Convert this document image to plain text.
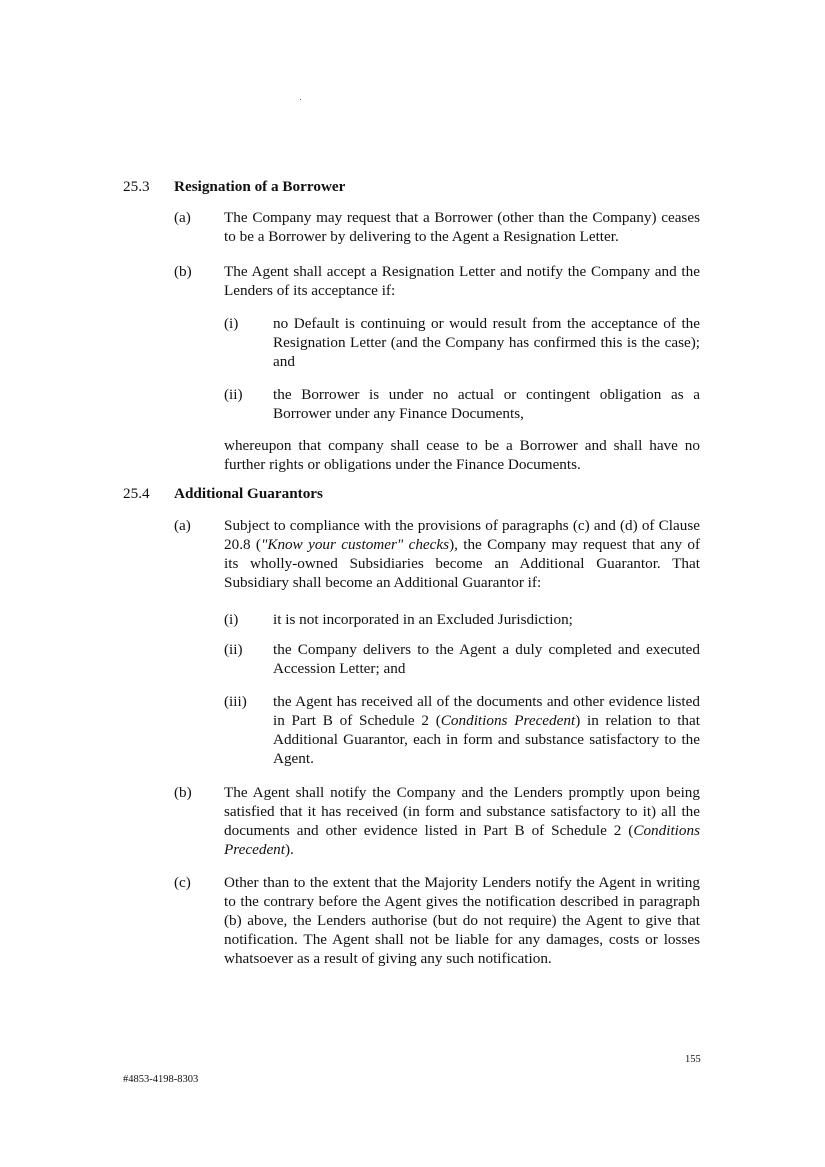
25.3	Resignation of a Borrower
(a) The Company may request that a Borrower (other than the Company) ceases to be a Borrower by delivering to the Agent a Resignation Letter.
(b) The Agent shall accept a Resignation Letter and notify the Company and the Lenders of its acceptance if:
(i) no Default is continuing or would result from the acceptance of the Resignation Letter (and the Company has confirmed this is the case); and
(ii) the Borrower is under no actual or contingent obligation as a Borrower under any Finance Documents,
whereupon that company shall cease to be a Borrower and shall have no further rights or obligations under the Finance Documents.
25.4	Additional Guarantors
(a) Subject to compliance with the provisions of paragraphs (c) and (d) of Clause 20.8 ("Know your customer" checks), the Company may request that any of its wholly-owned Subsidiaries become an Additional Guarantor. That Subsidiary shall become an Additional Guarantor if:
(i) it is not incorporated in an Excluded Jurisdiction;
(ii) the Company delivers to the Agent a duly completed and executed Accession Letter; and
(iii) the Agent has received all of the documents and other evidence listed in Part B of Schedule 2 (Conditions Precedent) in relation to that Additional Guarantor, each in form and substance satisfactory to the Agent.
(b) The Agent shall notify the Company and the Lenders promptly upon being satisfied that it has received (in form and substance satisfactory to it) all the documents and other evidence listed in Part B of Schedule 2 (Conditions Precedent).
(c) Other than to the extent that the Majority Lenders notify the Agent in writing to the contrary before the Agent gives the notification described in paragraph (b) above, the Lenders authorise (but do not require) the Agent to give that notification. The Agent shall not be liable for any damages, costs or losses whatsoever as a result of giving any such notification.
155
#4853-4198-8303
